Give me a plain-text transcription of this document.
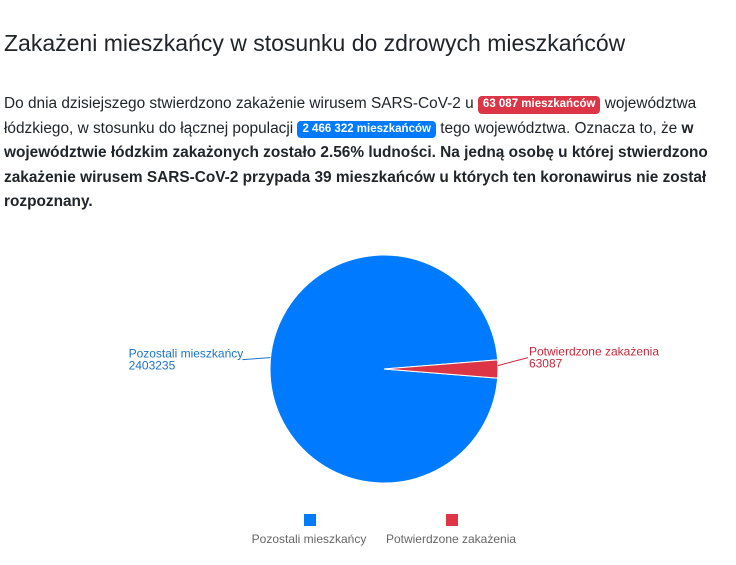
Zakażeni mieszkańcy w stosunku do zdrowych mieszkańców

Do dnia dzisiejszego stwierdzono zakażenie wirusem SARS-CoV-2 u 63 087 mieszkańców województwa łódzkiego, w stosunku do łącznej populacji 2 466 322 mieszkańców tego województwa. Oznacza to, że w województwie łódzkim zakażonych zostało 2.56% ludności. Na jedną osobę u której stwierdzono zakażenie wirusem SARS-CoV-2 przypada 39 mieszkańców u których ten koronawirus nie został rozpoznany.

Potwierdzone zakażenia
63087
Pozostali mieszkańcy
2403235
Pozostali mieszkańcy Potwierdzone zakażenia
